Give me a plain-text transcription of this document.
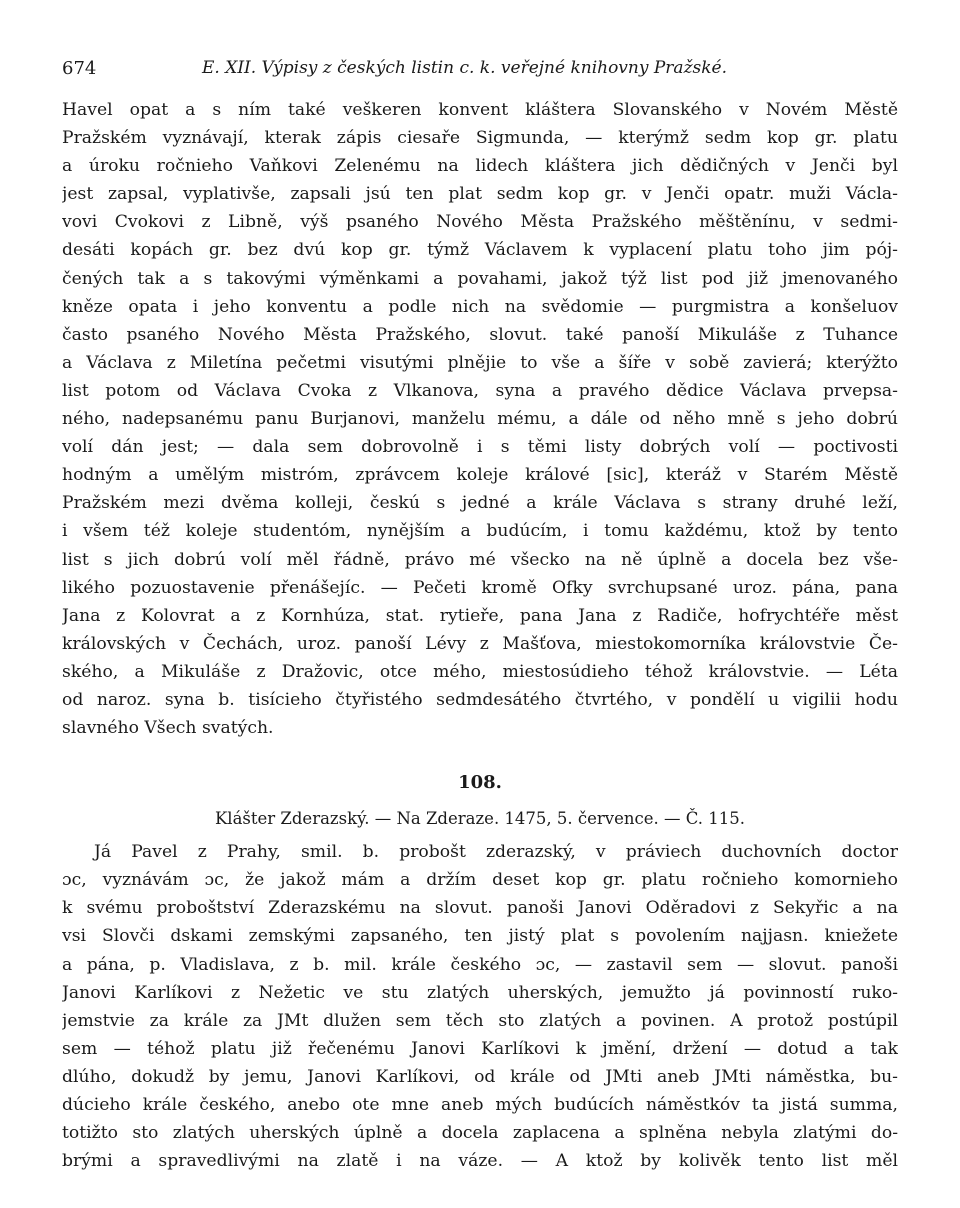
674	E. XII. Výpisy z českých listin c. k. veřejné knihovny Pražské.

Havel opat a s ním také veškeren konvent kláštera Slovanského v Novém Městě
Pražském vyznávají, kterak zápis ciesaře Sigmunda, — kterýmž sedm kop gr. platu
a úroku ročnieho Vaňkovi Zelenému na lidech kláštera jich dědičných v Jenči byl
jest zapsal, vyplativše, zapsali jsú ten plat sedm kop gr. v Jenči opatr. muži Václa-
vovi Cvokovi z Libně, výš psaného Nového Města Pražského měštěnínu, v sedmi-
desáti kopách gr. bez dvú kop gr. týmž Václavem k vyplacení platu toho jim pój-
čených tak a s takovými výměnkami a povahami, jakož týž list pod již jmenovaného
kněze opata i jeho konventu a podle nich na svědomie — purgmistra a konšeluov
často psaného Nového Města Pražského, slovut. také panoší Mikuláše z Tuhance
a Václava z Miletína pečetmi visutými plnějie to vše a šíře v sobě zavierá; kterýžto
list potom od Václava Cvoka z Vlkanova, syna a pravého dědice Václava prvepsa-
ného, nadepsanému panu Burjanovi, manželu mému, a dále od něho mně s jeho dobrú
volí dán jest; — dala sem dobrovolně i s těmi listy dobrých volí — poctivosti
hodným a umělým mistróm, zprávcem koleje králové [sic], kteráž v Starém Městě
Pražském mezi dvěma kolleji, českú s jedné a krále Václava s strany druhé leží,
i všem též koleje studentóm, nynějším a budúcím, i tomu každému, ktož by tento
list s jich dobrú volí měl řádně, právo mé všecko na ně úplně a docela bez vše-
likého pozuostavenie přenášejíc. — Pečeti kromě Ofky svrchupsané uroz. pána, pana
Jana z Kolovrat a z Kornhúza, stat. rytieře, pana Jana z Radiče, hofrychtéře měst
královských v Čechách, uroz. panoší Lévy z Mašťova, miestokomorníka královstvie Če-
ského, a Mikuláše z Dražovic, otce mého, miestosúdieho téhož královstvie. — Léta
od naroz. syna b. tisícieho čtyřistého sedmdesátého čtvrtého, v pondělí u vigilii hodu
slavného Všech svatých.

108.
Klášter Zderazský. — Na Zderaze. 1475, 5. července. — Č. 115.

Já Pavel z Prahy, smil. b. probošt zderazský, v práviech duchovních doctor
ɔc, vyznávám ɔc, že jakož mám a držím deset kop gr. platu ročnieho komornieho
k svému proboštství Zderazskému na slovut. panoši Janovi Oděradovi z Sekyřic a na
vsi Slovči dskami zemskými zapsaného, ten jistý plat s povolením najjasn. kniežete
a pána, p. Vladislava, z b. mil. krále českého ɔc, — zastavil sem — slovut. panoši
Janovi Karlíkovi z Nežetic ve stu zlatých uherských, jemužto já povinností ruko-
jemstvie za krále za JMt dlužen sem těch sto zlatých a povinen. A protož postúpil
sem — téhož platu již řečenému Janovi Karlíkovi k jmění, držení — dotud a tak
dlúho, dokudž by jemu, Janovi Karlíkovi, od krále od JMti aneb JMti náměstka, bu-
dúcieho krále českého, anebo ote mne aneb mých budúcích náměstkóv ta jistá summa,
totižto sto zlatých uherských úplně a docela zaplacena a splněna nebyla zlatými do-
brými a spravedlivými na zlatě i na váze. — A ktož by kolivěk tento list měl
